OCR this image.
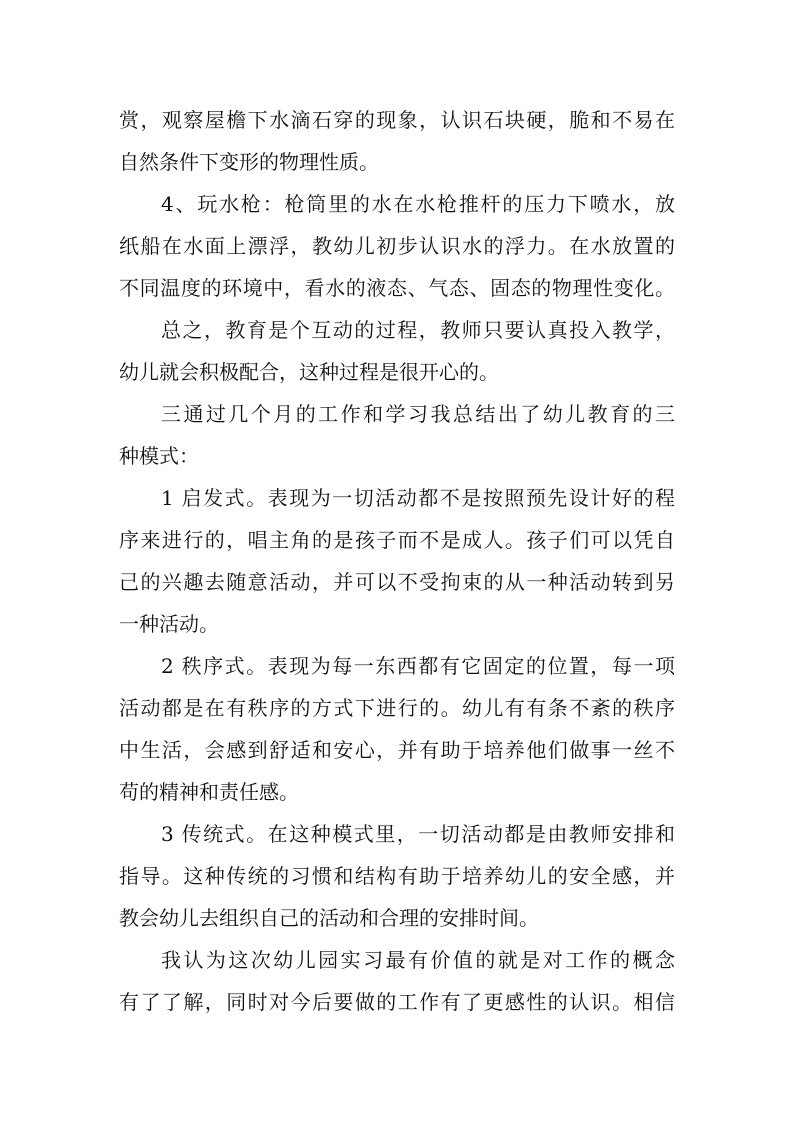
赏，观察屋檐下水滴石穿的现象，认识石块硬，脆和不易在
自然条件下变形的物理性质。
4、玩水枪：枪筒里的水在水枪推杆的压力下喷水，放
纸船在水面上漂浮，教幼儿初步认识水的浮力。在水放置的
不同温度的环境中，看水的液态、气态、固态的物理性变化。
总之，教育是个互动的过程，教师只要认真投入教学，
幼儿就会积极配合，这种过程是很开心的。
三通过几个月的工作和学习我总结出了幼儿教育的三
种模式：
1 启发式。表现为一切活动都不是按照预先设计好的程
序来进行的，唱主角的是孩子而不是成人。孩子们可以凭自
己的兴趣去随意活动，并可以不受拘束的从一种活动转到另
一种活动。
2 秩序式。表现为每一东西都有它固定的位置，每一项
活动都是在有秩序的方式下进行的。幼儿有有条不紊的秩序
中生活，会感到舒适和安心，并有助于培养他们做事一丝不
苟的精神和责任感。
3 传统式。在这种模式里，一切活动都是由教师安排和
指导。这种传统的习惯和结构有助于培养幼儿的安全感，并
教会幼儿去组织自己的活动和合理的安排时间。
我认为这次幼儿园实习最有价值的就是对工作的概念
有了了解，同时对今后要做的工作有了更感性的认识。相信
